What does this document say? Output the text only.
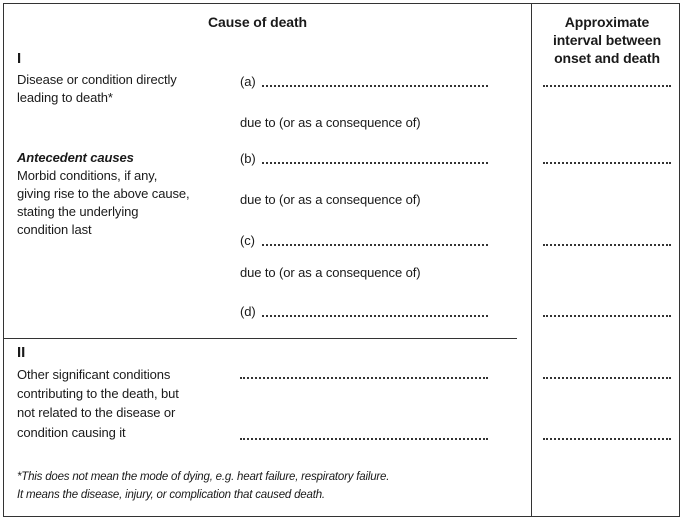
Cause of death	Approximate
interval between
onset and death
I
Disease or condition directly
leading to death*
Antecedent causes
Morbid conditions, if any,
giving rise to the above cause,
stating the underlying
condition last
(a)
due to (or as a consequence of)
(b)
due to (or as a consequence of)
(c)
due to (or as a consequence of)
(d)
II
Other significant conditions
contributing to the death, but
not related to the disease or
condition causing it
*This does not mean the mode of dying, e.g. heart failure, respiratory failure.
It means the disease, injury, or complication that caused death.
